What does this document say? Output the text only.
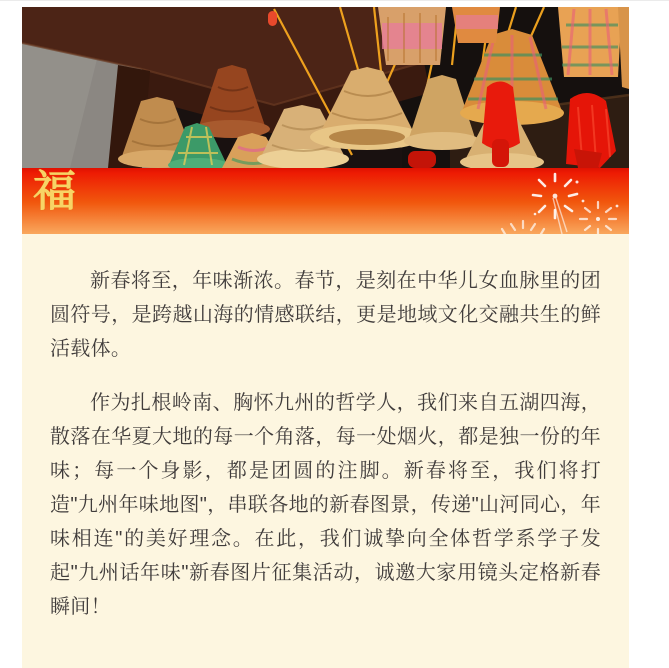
福

新春将至，年味渐浓。春节，是刻在中华儿女血脉里的团圆符号，是跨越山海的情感联结，更是地域文化交融共生的鲜活载体。

作为扎根岭南、胸怀九州的哲学人，我们来自五湖四海，散落在华夏大地的每一个角落，每一处烟火，都是独一份的年味；每一个身影，都是团圆的注脚。新春将至，我们将打造"九州年味地图"，串联各地的新春图景，传递"山河同心，年味相连"的美好理念。在此，我们诚挚向全体哲学系学子发起"九州话年味"新春图片征集活动，诚邀大家用镜头定格新春瞬间！
